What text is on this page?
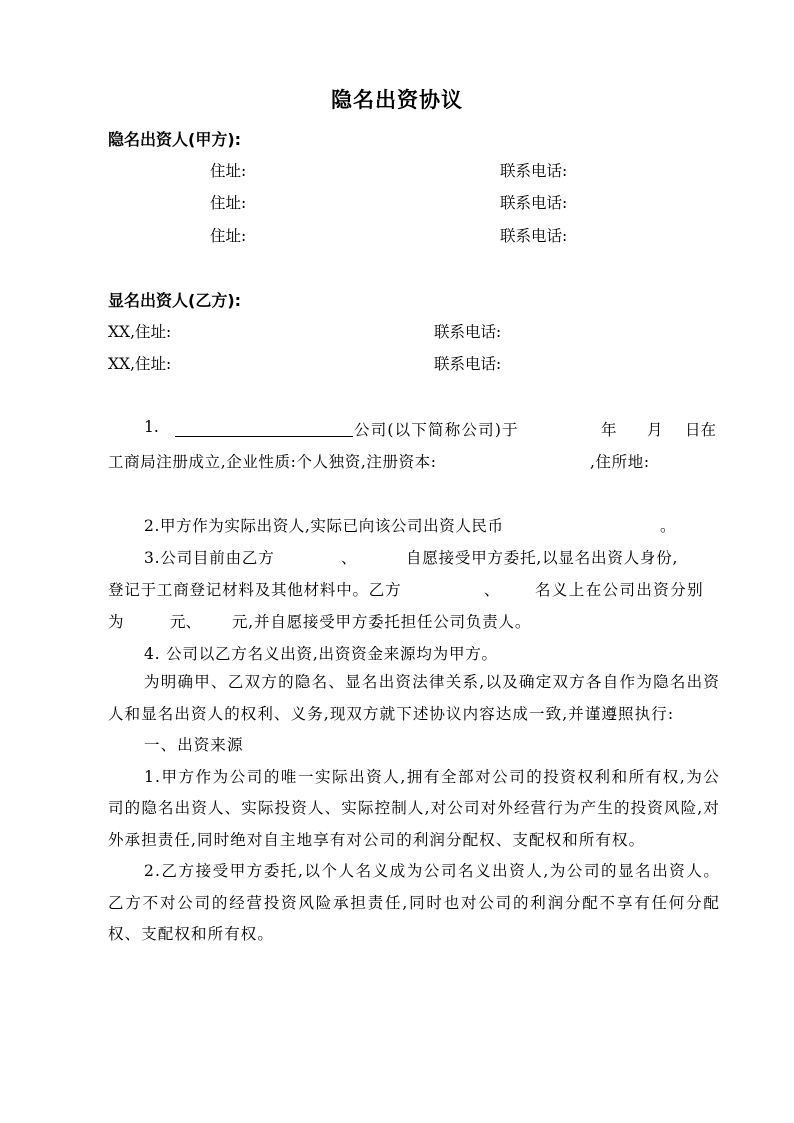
隐名出资协议
隐名出资人(甲方):
住址:	联系电话:
住址:	联系电话:
住址:	联系电话:
显名出资人(乙方):
XX,住址:	联系电话:
XX,住址:	联系电话:
1.	公司(以下简称公司)于	年 月 日在
工商局注册成立,企业性质:个人独资,注册资本:	,住所地:
2.甲方作为实际出资人,实际已向该公司出资人民币	。
3.公司目前由乙方	、	自愿接受甲方委托,以显名出资人身份,
登记于工商登记材料及其他材料中。乙方	、 名义上在公司出资分别
为	元、 元,并自愿接受甲方委托担任公司负责人。
4. 公司以乙方名义出资,出资资金来源均为甲方。

为明确甲、乙双方的隐名、显名出资法律关系,以及确定双方各自作为隐名出资人和显名出资人的权利、义务,现双方就下述协议内容达成一致,并谨遵照执行:

一、出资来源

1.甲方作为公司的唯一实际出资人,拥有全部对公司的投资权利和所有权,为公司的隐名出资人、实际投资人、实际控制人,对公司对外经营行为产生的投资风险,对外承担责任,同时绝对自主地享有对公司的利润分配权、支配权和所有权。

2.乙方接受甲方委托,以个人名义成为公司名义出资人,为公司的显名出资人。乙方不对公司的经营投资风险承担责任,同时也对公司的利润分配不享有任何分配权、支配权和所有权。
